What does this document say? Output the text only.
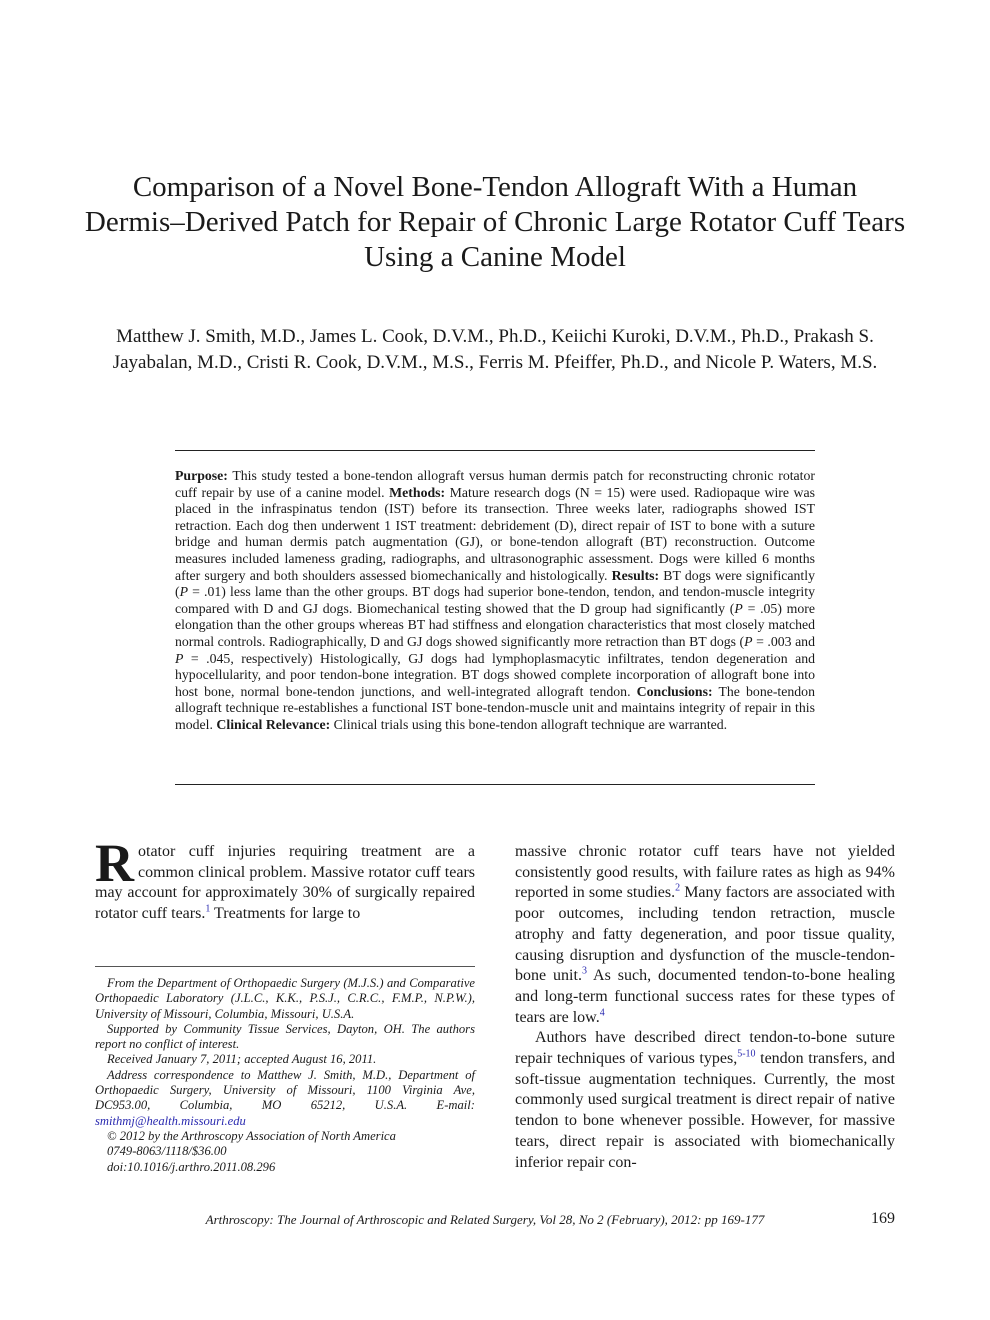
Comparison of a Novel Bone-Tendon Allograft With a Human Dermis–Derived Patch for Repair of Chronic Large Rotator Cuff Tears Using a Canine Model

Matthew J. Smith, M.D., James L. Cook, D.V.M., Ph.D., Keiichi Kuroki, D.V.M., Ph.D., Prakash S. Jayabalan, M.D., Cristi R. Cook, D.V.M., M.S., Ferris M. Pfeiffer, Ph.D., and Nicole P. Waters, M.S.

Purpose: This study tested a bone-tendon allograft versus human dermis patch for reconstructing chronic rotator cuff repair by use of a canine model. Methods: Mature research dogs (N = 15) were used. Radiopaque wire was placed in the infraspinatus tendon (IST) before its transection. Three weeks later, radiographs showed IST retraction. Each dog then underwent 1 IST treatment: debridement (D), direct repair of IST to bone with a suture bridge and human dermis patch augmentation (GJ), or bone-tendon allograft (BT) reconstruction. Outcome measures included lameness grading, radiographs, and ultrasonographic assessment. Dogs were killed 6 months after surgery and both shoulders assessed biomechanically and histologically. Results: BT dogs were significantly (P = .01) less lame than the other groups. BT dogs had superior bone-tendon, tendon, and tendon-muscle integrity compared with D and GJ dogs. Biomechanical testing showed that the D group had significantly (P = .05) more elongation than the other groups whereas BT had stiffness and elongation characteristics that most closely matched normal controls. Radiographically, D and GJ dogs showed significantly more retraction than BT dogs (P = .003 and P = .045, respectively) Histologically, GJ dogs had lymphoplasmacytic infiltrates, tendon degeneration and hypocellularity, and poor tendon-bone integration. BT dogs showed complete incorporation of allograft bone into host bone, normal bone-tendon junctions, and well-integrated allograft tendon. Conclusions: The bone-tendon allograft technique re-establishes a functional IST bone-tendon-muscle unit and maintains integrity of repair in this model. Clinical Relevance: Clinical trials using this bone-tendon allograft technique are warranted.

Rotator cuff injuries requiring treatment are a common clinical problem. Massive rotator cuff tears may account for approximately 30% of surgically repaired rotator cuff tears.$^1$ Treatments for large to

From the Department of Orthopaedic Surgery (M.J.S.) and Comparative Orthopaedic Laboratory (J.L.C., K.K., P.S.J., C.R.C., F.M.P., N.P.W.), University of Missouri, Columbia, Missouri, U.S.A.

Supported by Community Tissue Services, Dayton, OH. The authors report no conflict of interest.

Received January 7, 2011; accepted August 16, 2011.

Address correspondence to Matthew J. Smith, M.D., Department of Orthopaedic Surgery, University of Missouri, 1100 Virginia Ave, DC953.00, Columbia, MO 65212, U.S.A. E-mail: smithmj@health.missouri.edu

© 2012 by the Arthroscopy Association of North America

0749-8063/1118/$36.00

doi:10.1016/j.arthro.2011.08.296

massive chronic rotator cuff tears have not yielded consistently good results, with failure rates as high as 94% reported in some studies.$^2$ Many factors are associated with poor outcomes, including tendon retraction, muscle atrophy and fatty degeneration, and poor tissue quality, causing disruption and dysfunction of the muscle-tendon-bone unit.$^3$ As such, documented tendon-to-bone healing and long-term functional success rates for these types of tears are low.$^4$

Authors have described direct tendon-to-bone suture repair techniques of various types,$^{5-10}$ tendon transfers, and soft-tissue augmentation techniques. Currently, the most commonly used surgical treatment is direct repair of native tendon to bone whenever possible. However, for massive tears, direct repair is associated with biomechanically inferior repair con-

Arthroscopy: The Journal of Arthroscopic and Related Surgery, Vol 28, No 2 (February), 2012: pp 169-177	169
